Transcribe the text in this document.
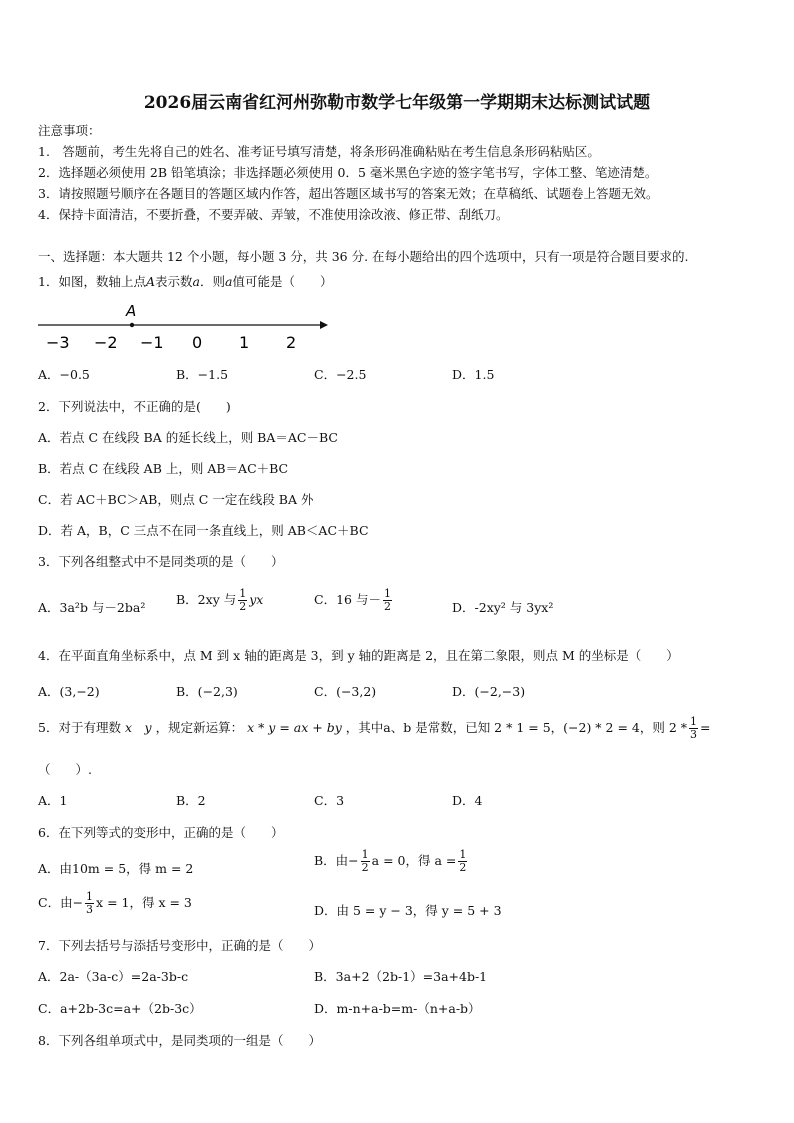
2026届云南省红河州弥勒市数学七年级第一学期期末达标测试试题
注意事项：
1.　答题前，考生先将自己的姓名、准考证号填写清楚，将条形码准确粘贴在考生信息条形码粘贴区。
2．选择题必须使用 2B 铅笔填涂；非选择题必须使用 0．5 毫米黑色字迹的签字笔书写，字体工整、笔迹清楚。
3．请按照题号顺序在各题目的答题区域内作答，超出答题区域书写的答案无效；在草稿纸、试题卷上答题无效。
4．保持卡面清洁，不要折叠，不要弄破、弄皱，不准使用涂改液、修正带、刮纸刀。
一、选择题：本大题共 12 个小题，每小题 3 分，共 36 分. 在每小题给出的四个选项中，只有一项是符合题目要求的.
1．如图，数轴上点A表示数a．则a值可能是（　　）
A
−3 −2 −1 0 1 2
A．−0.5	B．−1.5	C．−2.5	D．1.5
2．下列说法中，不正确的是(　　)
A．若点 C 在线段 BA 的延长线上，则 BA＝AC－BC
B．若点 C 在线段 AB 上，则 AB＝AC＋BC
C．若 AC＋BC＞AB，则点 C 一定在线段 BA 外
D．若 A，B，C 三点不在同一条直线上，则 AB＜AC＋BC
3．下列各组整式中不是同类项的是（　　）
A．3a²b 与－2ba²
B．2xy 与 $\frac{1}{2}$ yx	C．16 与－ $\frac{1}{2}$	D．-2xy² 与 3yx²
4．在平面直角坐标系中，点 M 到 x 轴的距离是 3，到 y 轴的距离是 2，且在第二象限，则点 M 的坐标是（　　）
A．(3,−2)	B．(−2,3)	C．(−3,2)	D．(−2,−3)
5．对于有理数 x　y ，规定新运算： x * y = ax + by ，其中a、b 是常数，已知 2 * 1 = 5，(−2) * 2 = 4，则 $2 * \frac{1}{3}$ =
（　　）.
A．1	B．2	C．3	D．4
6．在下列等式的变形中，正确的是（　　）
A．由10m = 5，得 m = 2
B．由− $\frac{1}{2}$ a = 0，得 $a = \frac{1}{2}$
C．由− $\frac{1}{3}$ x = 1，得 x = 3
D．由 5 = y − 3，得 y = 5 + 3
7．下列去括号与添括号变形中，正确的是（　　）
A．2a-（3a-c）=2a-3b-c	B．3a+2（2b-1）=3a+4b-1
C．a+2b-3c=a+（2b-3c）	D．m-n+a-b=m-（n+a-b）
8．下列各组单项式中，是同类项的一组是（　　）
